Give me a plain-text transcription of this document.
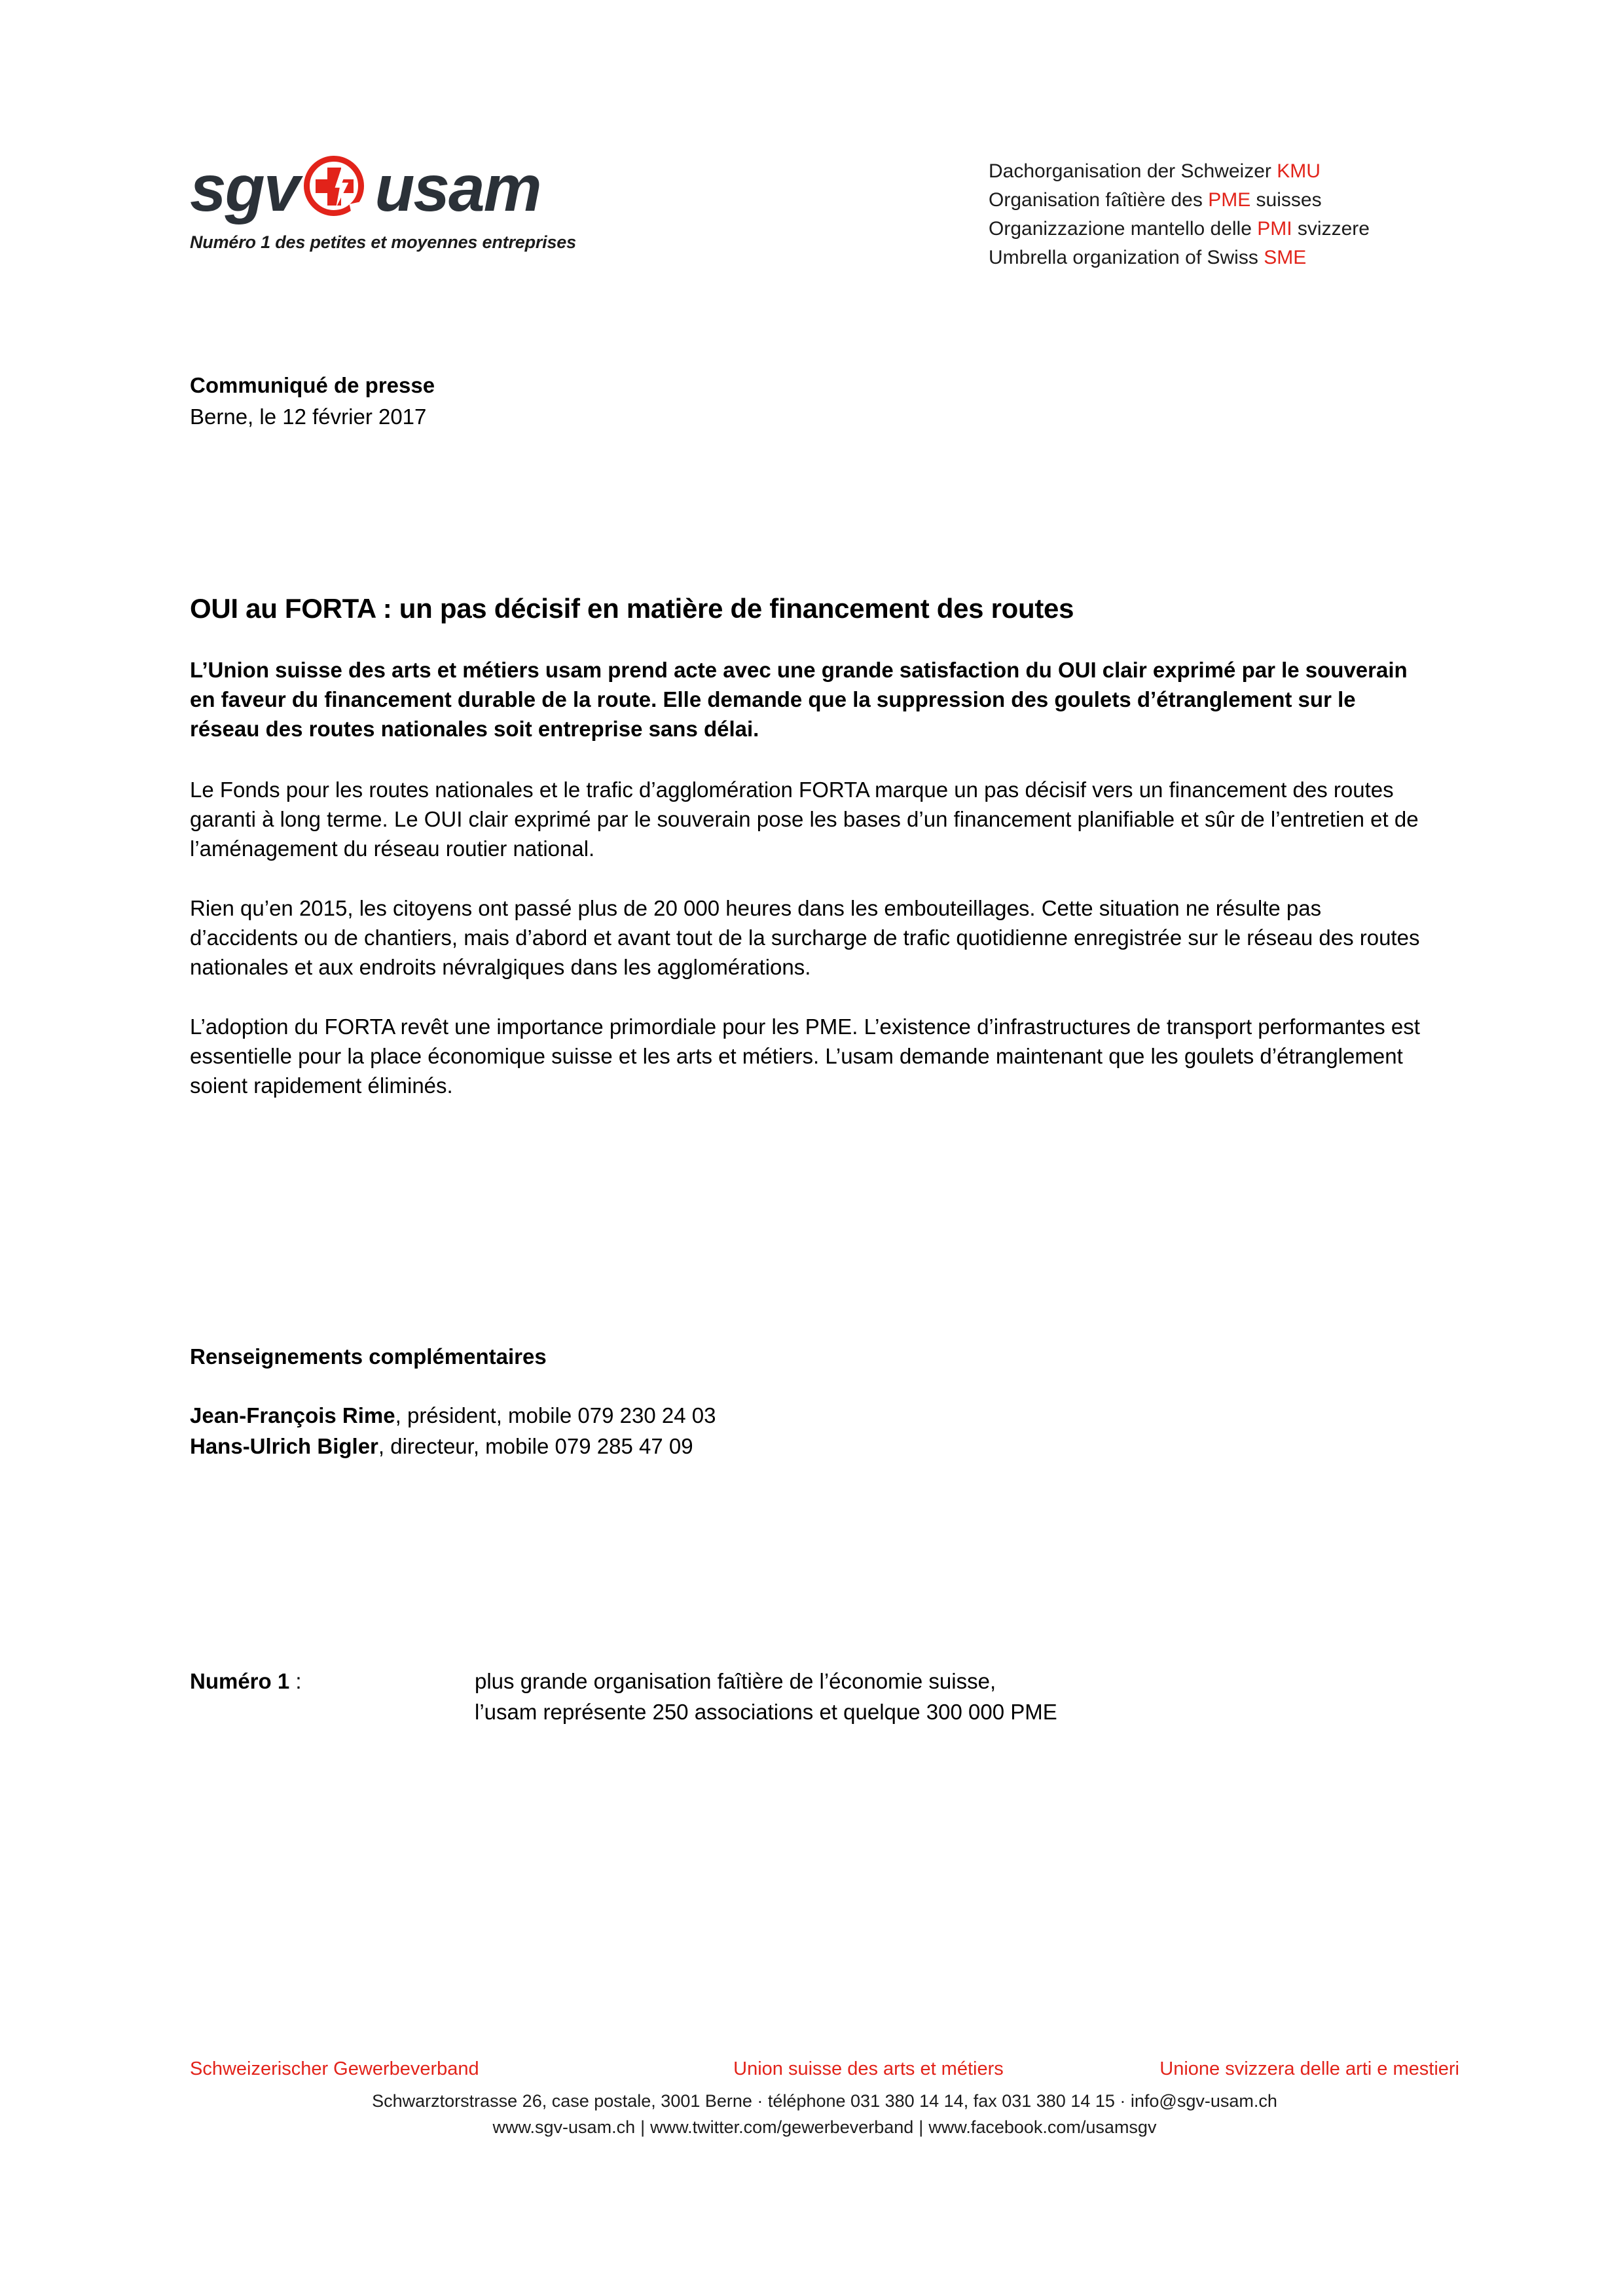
sgv usam
Numéro 1 des petites et moyennes entreprises
Dachorganisation der Schweizer KMU
Organisation faîtière des PME suisses
Organizzazione mantello delle PMI svizzere
Umbrella organization of Swiss SME
Communiqué de presse
Berne, le 12 février 2017
OUI au FORTA : un pas décisif en matière de financement des routes

L’Union suisse des arts et métiers usam prend acte avec une grande satisfaction du OUI clair exprimé par le souverain en faveur du financement durable de la route. Elle demande que la suppression des goulets d’étranglement sur le réseau des routes nationales soit entreprise sans délai.

Le Fonds pour les routes nationales et le trafic d’agglomération FORTA marque un pas décisif vers un financement des routes garanti à long terme. Le OUI clair exprimé par le souverain pose les bases d’un financement planifiable et sûr de l’entretien et de l’aménagement du réseau routier national.

Rien qu’en 2015, les citoyens ont passé plus de 20 000 heures dans les embouteillages. Cette situation ne résulte pas d’accidents ou de chantiers, mais d’abord et avant tout de la surcharge de trafic quotidienne enregistrée sur le réseau des routes nationales et aux endroits névralgiques dans les agglomérations.

L’adoption du FORTA revêt une importance primordiale pour les PME. L’existence d’infrastructures de transport performantes est essentielle pour la place économique suisse et les arts et métiers. L’usam demande maintenant que les goulets d’étranglement soient rapidement éliminés.

Renseignements complémentaires
Jean-François Rime, président, mobile 079 230 24 03
Hans-Ulrich Bigler, directeur, mobile 079 285 47 09
Numéro 1 :	plus grande organisation faîtière de l’économie suisse,
l’usam représente 250 associations et quelque 300 000 PME
Schweizerischer Gewerbeverband	Union suisse des arts et métiers	Unione svizzera delle arti e mestieri
Schwarztorstrasse 26, case postale, 3001 Berne · téléphone 031 380 14 14, fax 031 380 14 15 · info@sgv-usam.ch
www.sgv-usam.ch | www.twitter.com/gewerbeverband | www.facebook.com/usamsgv
